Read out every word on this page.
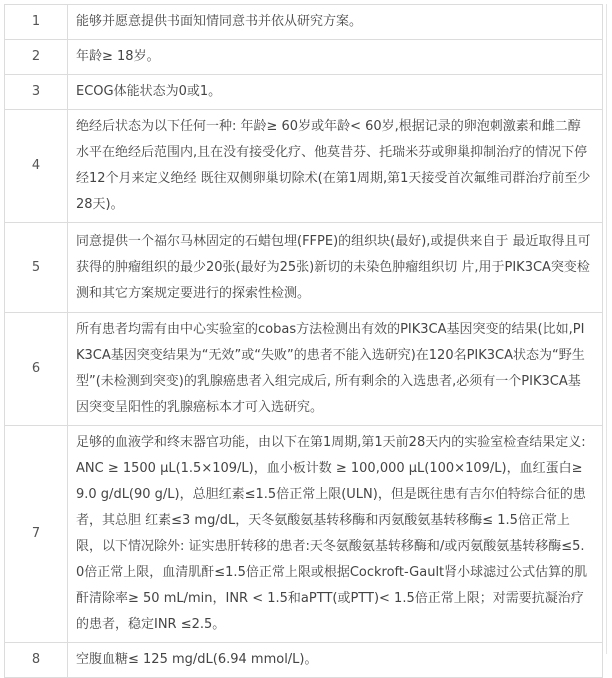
1	能够并愿意提供书面知情同意书并依从研究方案。
2	年龄≥ 18岁。
3	ECOG体能状态为0或1。
4	绝经后状态为以下任何一种: 年龄≥ 60岁或年龄< 60岁,根据记录的卵泡刺激素和雌二醇水平在绝经后范围内,且在没有接受化疗、他莫昔芬、托瑞米芬或卵巢抑制治疗的情况下停经12个月来定义绝经 既往双侧卵巢切除术(在第1周期,第1天接受首次氟维司群治疗前至少28天)。
5	同意提供一个福尔马林固定的石蜡包埋(FFPE)的组织块(最好),或提供来自于 最近取得且可获得的肿瘤组织的最少20张(最好为25张)新切的未染色肿瘤组织切 片,用于PIK3CA突变检测和其它方案规定要进行的探索性检测。
6	所有患者均需有由中心实验室的cobas方法检测出有效的PIK3CA基因突变的结果(比如,PIK3CA基因突变结果为“无效”或“失败”的患者不能入选研究)在120名PIK3CA状态为“野生型”(未检测到突变)的乳腺癌患者入组完成后, 所有剩余的入选患者,必须有一个PIK3CA基因突变呈阳性的乳腺癌标本才可入选研究。
7	足够的血液学和终末器官功能，由以下在第1周期,第1天前28天内的实验室检查结果定义: ANC ≥ 1500 μL(1.5×109/L)，血小板计数 ≥ 100,000 μL(100×109/L)，血红蛋白≥ 9.0 g/dL(90 g/L)，总胆红素≤1.5倍正常上限(ULN)，但是既往患有吉尔伯特综合征的患者，其总胆 红素≤3 mg/dL，天冬氨酸氨基转移酶和丙氨酸氨基转移酶≤ 1.5倍正常上限，以下情况除外: 证实患肝转移的患者:天冬氨酸氨基转移酶和/或丙氨酸氨基转移酶≤5.0倍正常上限，血清肌酐≤1.5倍正常上限或根据Cockroft-Gault肾小球滤过公式估算的肌酐清除率≥ 50 mL/min，INR < 1.5和aPTT(或PTT)< 1.5倍正常上限；对需要抗凝治疗的患者，稳定INR ≤2.5。
8	空腹血糖≤ 125 mg/dL(6.94 mmol/L)。
